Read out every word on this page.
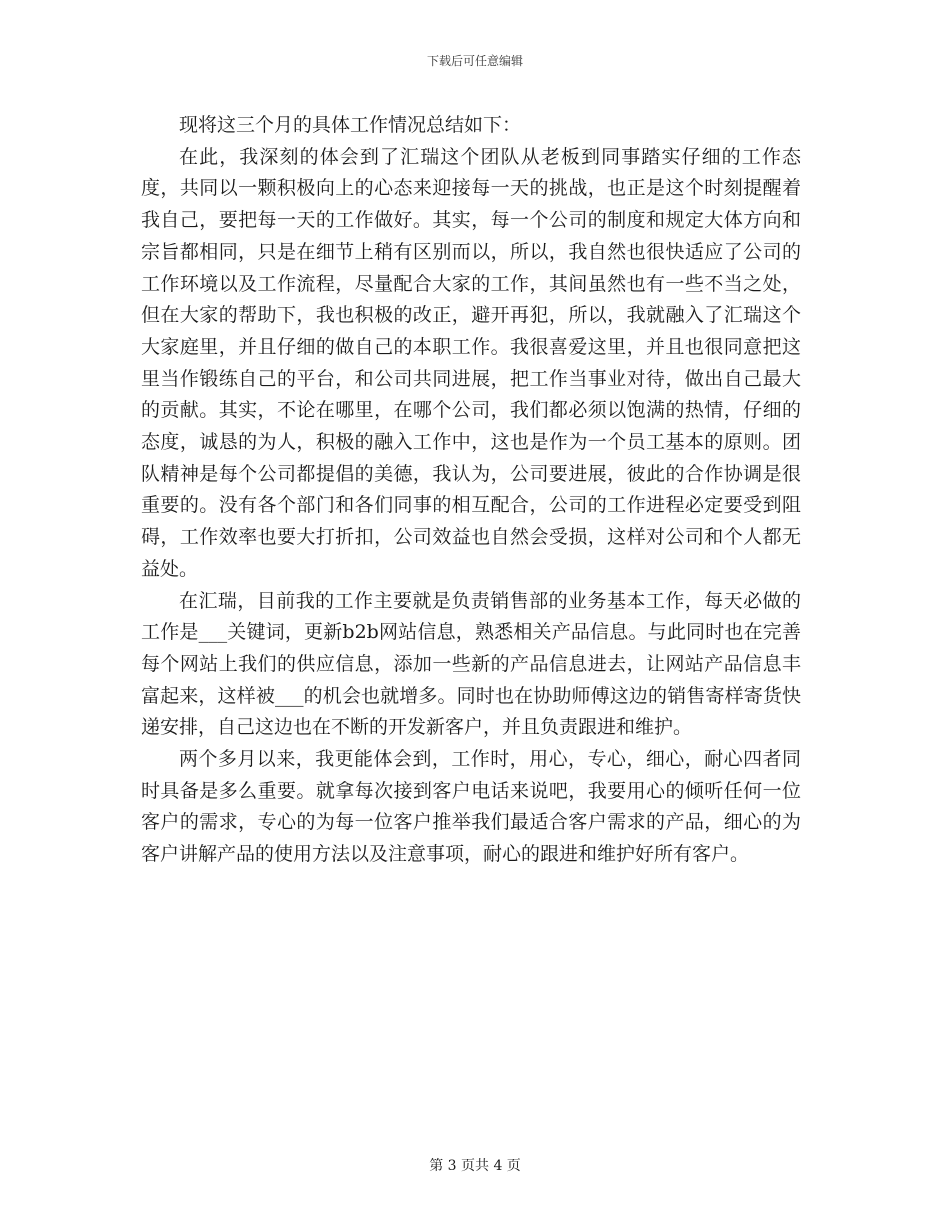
下载后可任意编辑

现将这三个月的具体工作情况总结如下：

在此，我深刻的体会到了汇瑞这个团队从老板到同事踏实仔细的工作态度，共同以一颗积极向上的心态来迎接每一天的挑战，也正是这个时刻提醒着我自己，要把每一天的工作做好。其实，每一个公司的制度和规定大体方向和宗旨都相同，只是在细节上稍有区别而以，所以，我自然也很快适应了公司的工作环境以及工作流程，尽量配合大家的工作，其间虽然也有一些不当之处，但在大家的帮助下，我也积极的改正，避开再犯，所以，我就融入了汇瑞这个大家庭里，并且仔细的做自己的本职工作。我很喜爱这里，并且也很同意把这里当作锻练自己的平台，和公司共同进展，把工作当事业对待，做出自己最大的贡献。其实，不论在哪里，在哪个公司，我们都必须以饱满的热情，仔细的态度，诚恳的为人，积极的融入工作中，这也是作为一个员工基本的原则。团队精神是每个公司都提倡的美德，我认为，公司要进展，彼此的合作协调是很重要的。没有各个部门和各们同事的相互配合，公司的工作进程必定要受到阻碍，工作效率也要大打折扣，公司效益也自然会受损，这样对公司和个人都无益处。

在汇瑞，目前我的工作主要就是负责销售部的业务基本工作，每天必做的工作是___关键词，更新b2b网站信息，熟悉相关产品信息。与此同时也在完善每个网站上我们的供应信息，添加一些新的产品信息进去，让网站产品信息丰富起来，这样被___的机会也就增多。同时也在协助师傅这边的销售寄样寄货快递安排，自己这边也在不断的开发新客户，并且负责跟进和维护。

两个多月以来，我更能体会到，工作时，用心，专心，细心，耐心四者同时具备是多么重要。就拿每次接到客户电话来说吧，我要用心的倾听任何一位客户的需求，专心的为每一位客户推举我们最适合客户需求的产品，细心的为客户讲解产品的使用方法以及注意事项，耐心的跟进和维护好所有客户。

第 3 页共 4 页
